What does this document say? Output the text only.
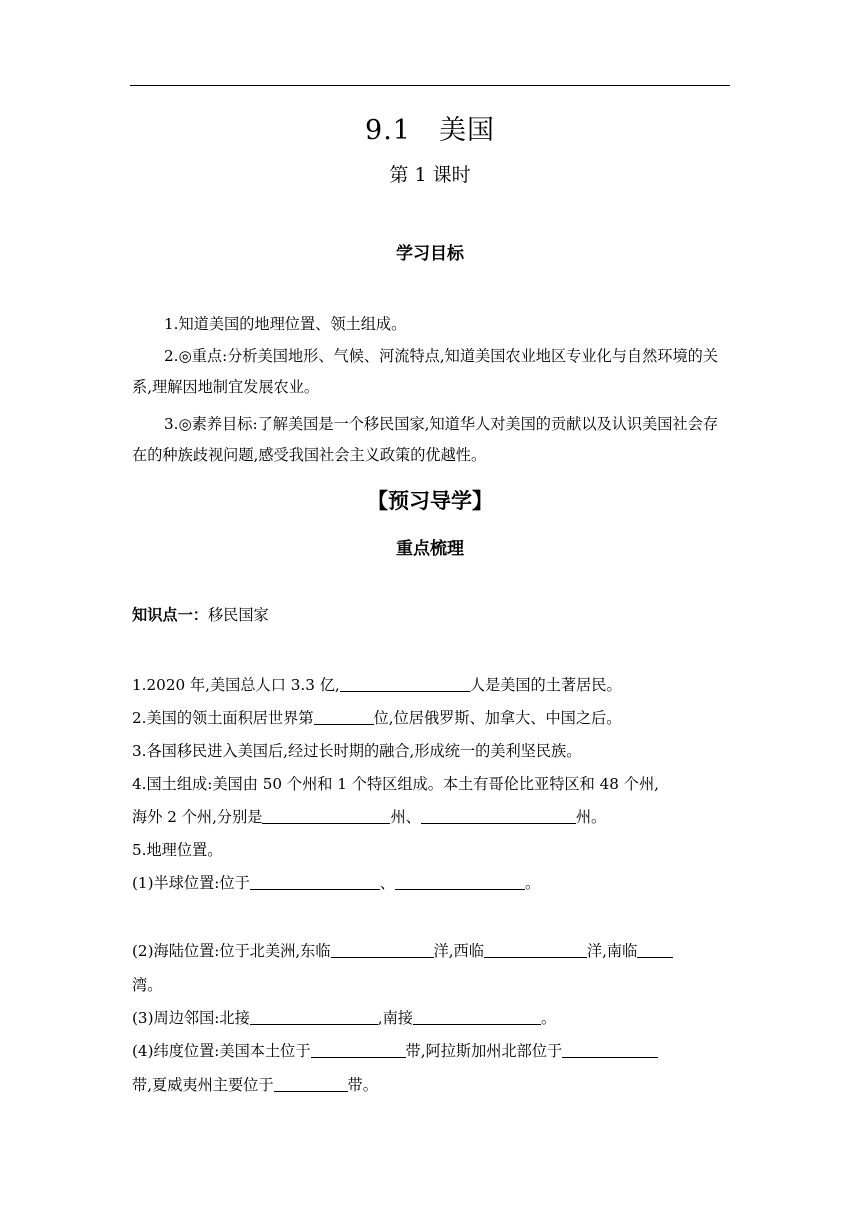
9.1　美国
第 1 课时
学习目标
1.知道美国的地理位置、领土组成。
2.◎重点:分析美国地形、气候、河流特点,知道美国农业地区专业化与自然环境的关系,理解因地制宜发展农业。
3.◎素养目标:了解美国是一个移民国家,知道华人对美国的贡献以及认识美国社会存在的种族歧视问题,感受我国社会主义政策的优越性。
【预习导学】
重点梳理
知识点一：移民国家
1.2020 年,美国总人口 3.3 亿,	人是美国的土著居民。
2.美国的领土面积居世界第	位,位居俄罗斯、加拿大、中国之后。
3.各国移民进入美国后,经过长时期的融合,形成统一的美利坚民族。
4.国土组成:美国由 50 个州和 1 个特区组成。本土有哥伦比亚特区和 48 个州,
海外 2 个州,分别是	州、	州。
5.地理位置。
(1)半球位置:位于	、	。
(2)海陆位置:位于北美洲,东临	洋,西临	洋,南临
湾。
(3)周边邻国:北接	,南接	。
(4)纬度位置:美国本土位于	带,阿拉斯加州北部位于
带,夏威夷州主要位于	带。
